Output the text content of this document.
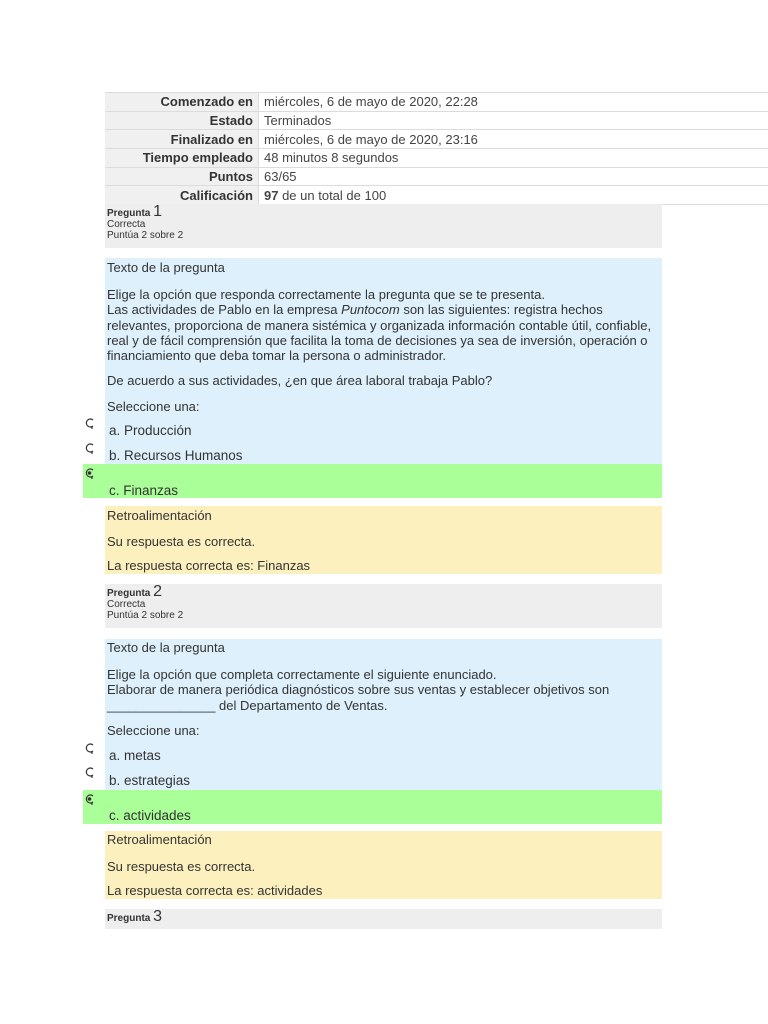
Comenzado en	miércoles, 6 de mayo de 2020, 22:28
Estado	Terminados
Finalizado en	miércoles, 6 de mayo de 2020, 23:16
Tiempo empleado	48 minutos 8 segundos
Puntos	63/65
Calificación	97 de un total de 100
Pregunta 1
Correcta
Puntúa 2 sobre 2
Texto de la pregunta
Elige la opción que responda correctamente la pregunta que se te presenta.
Las actividades de Pablo en la empresa Puntocom son las siguientes: registra hechos
relevantes, proporciona de manera sistémica y organizada información contable útil, confiable,
real y de fácil comprensión que facilita la toma de decisiones ya sea de inversión, operación o
financiamiento que deba tomar la persona o administrador.
De acuerdo a sus actividades, ¿en que área laboral trabaja Pablo?
Seleccione una:
a. Producción
b. Recursos Humanos
c. Finanzas
Retroalimentación
Su respuesta es correcta.
La respuesta correcta es: Finanzas
Pregunta 2
Correcta
Puntúa 2 sobre 2
Texto de la pregunta
Elige la opción que completa correctamente el siguiente enunciado.
Elaborar de manera periódica diagnósticos sobre sus ventas y establecer objetivos son
_______________ del Departamento de Ventas.
Seleccione una:
a. metas
b. estrategias
c. actividades
Retroalimentación
Su respuesta es correcta.
La respuesta correcta es: actividades
Pregunta 3
